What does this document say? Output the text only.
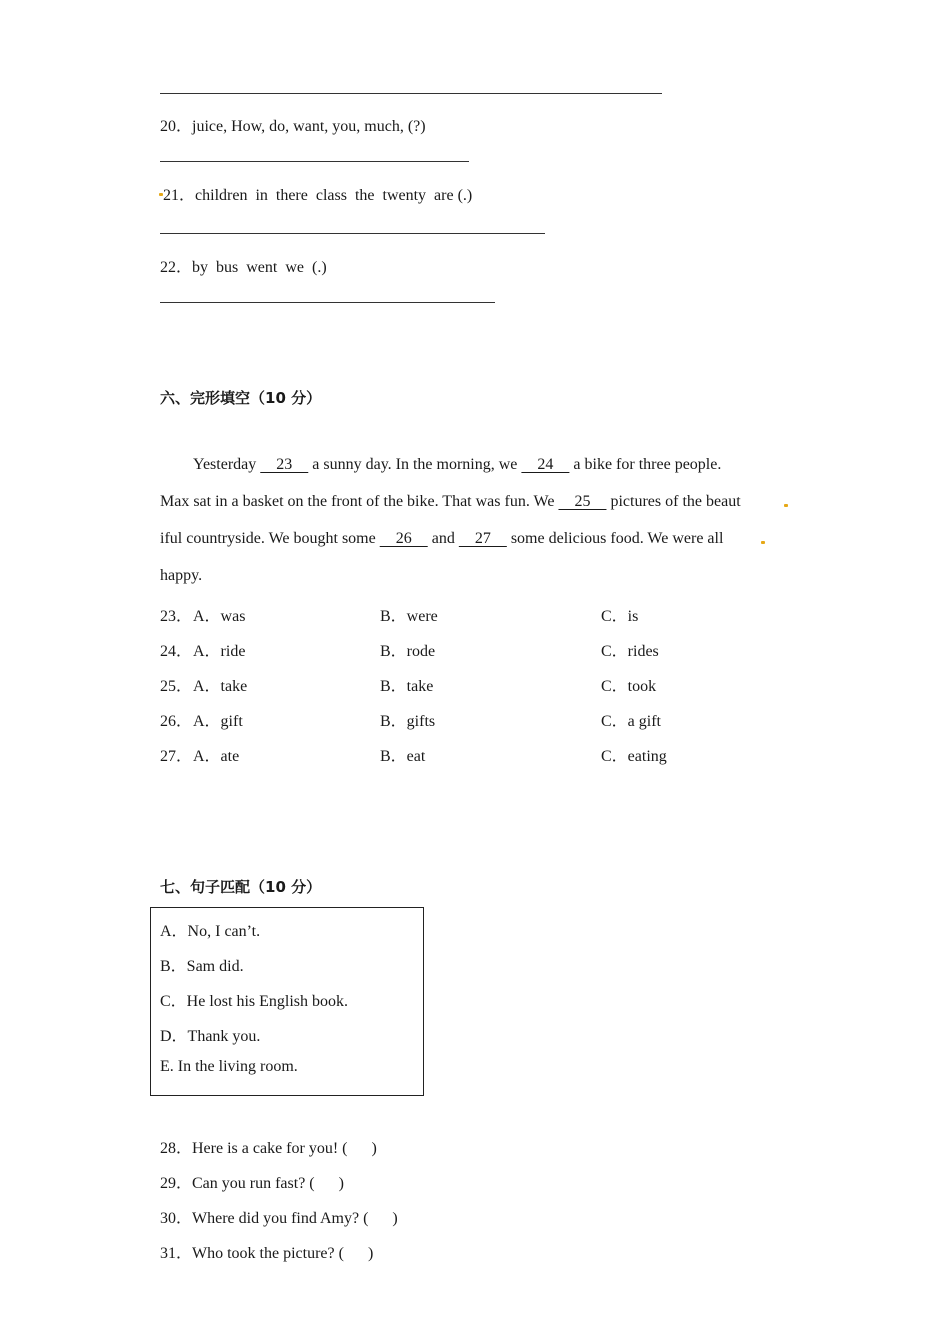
20．juice, How, do, want, you, much, (?)
21．children  in  there  class  the  twenty  are (.)
22．by  bus  went  we  (.)
六、完形填空（10 分）
Yesterday     23     a sunny day. In the morning, we     24     a bike for three people.
Max sat in a basket on the front of the bike. That was fun. We     25     pictures of the beaut
iful countryside. We bought some     26     and     27     some delicious food. We were all
happy.
23． A．was	B．were	C．is
24． A．ride	B．rode	C．rides
25． A．take	B．take	C．took
26． A．gift	B．gifts	C．a gift
27． A．ate	B．eat	C．eating
七、句子匹配（10 分）
A．No, I can’t.
B．Sam did.
C．He lost his English book.
D．Thank you.
E. In the living room.
28．Here is a cake for you! (      )
29．Can you run fast? (      )
30．Where did you find Amy? (      )
31．Who took the picture? (      )
